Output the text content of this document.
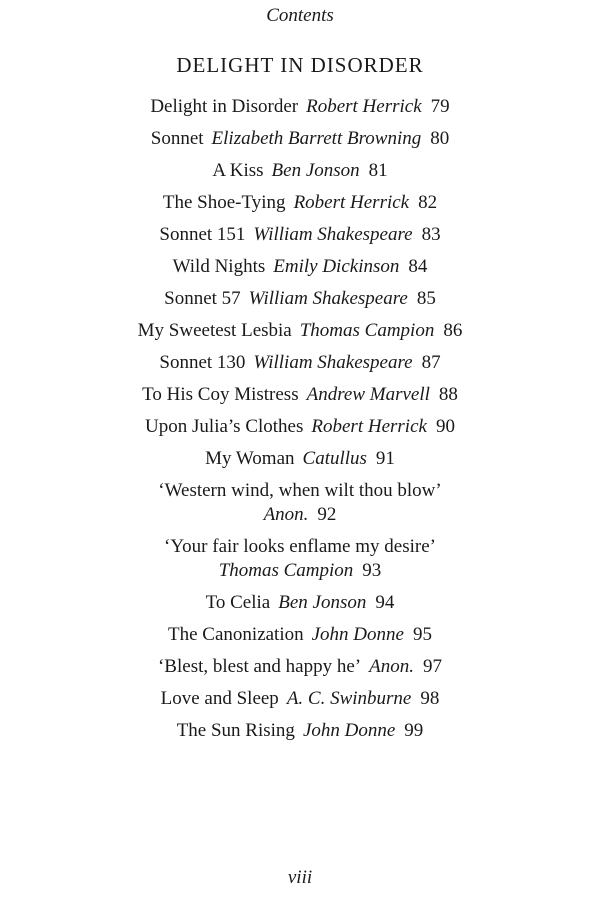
Contents
DELIGHT IN DISORDER
Delight in Disorder Robert Herrick 79
Sonnet Elizabeth Barrett Browning 80
A Kiss Ben Jonson 81
The Shoe-Tying Robert Herrick 82
Sonnet 151 William Shakespeare 83
Wild Nights Emily Dickinson 84
Sonnet 57 William Shakespeare 85
My Sweetest Lesbia Thomas Campion 86
Sonnet 130 William Shakespeare 87
To His Coy Mistress Andrew Marvell 88
Upon Julia’s Clothes Robert Herrick 90
My Woman Catullus 91
‘Western wind, when wilt thou blow’
Anon. 92
‘Your fair looks enflame my desire’
Thomas Campion 93
To Celia Ben Jonson 94
The Canonization John Donne 95
‘Blest, blest and happy he’ Anon. 97
Love and Sleep A. C. Swinburne 98
The Sun Rising John Donne 99
viii
